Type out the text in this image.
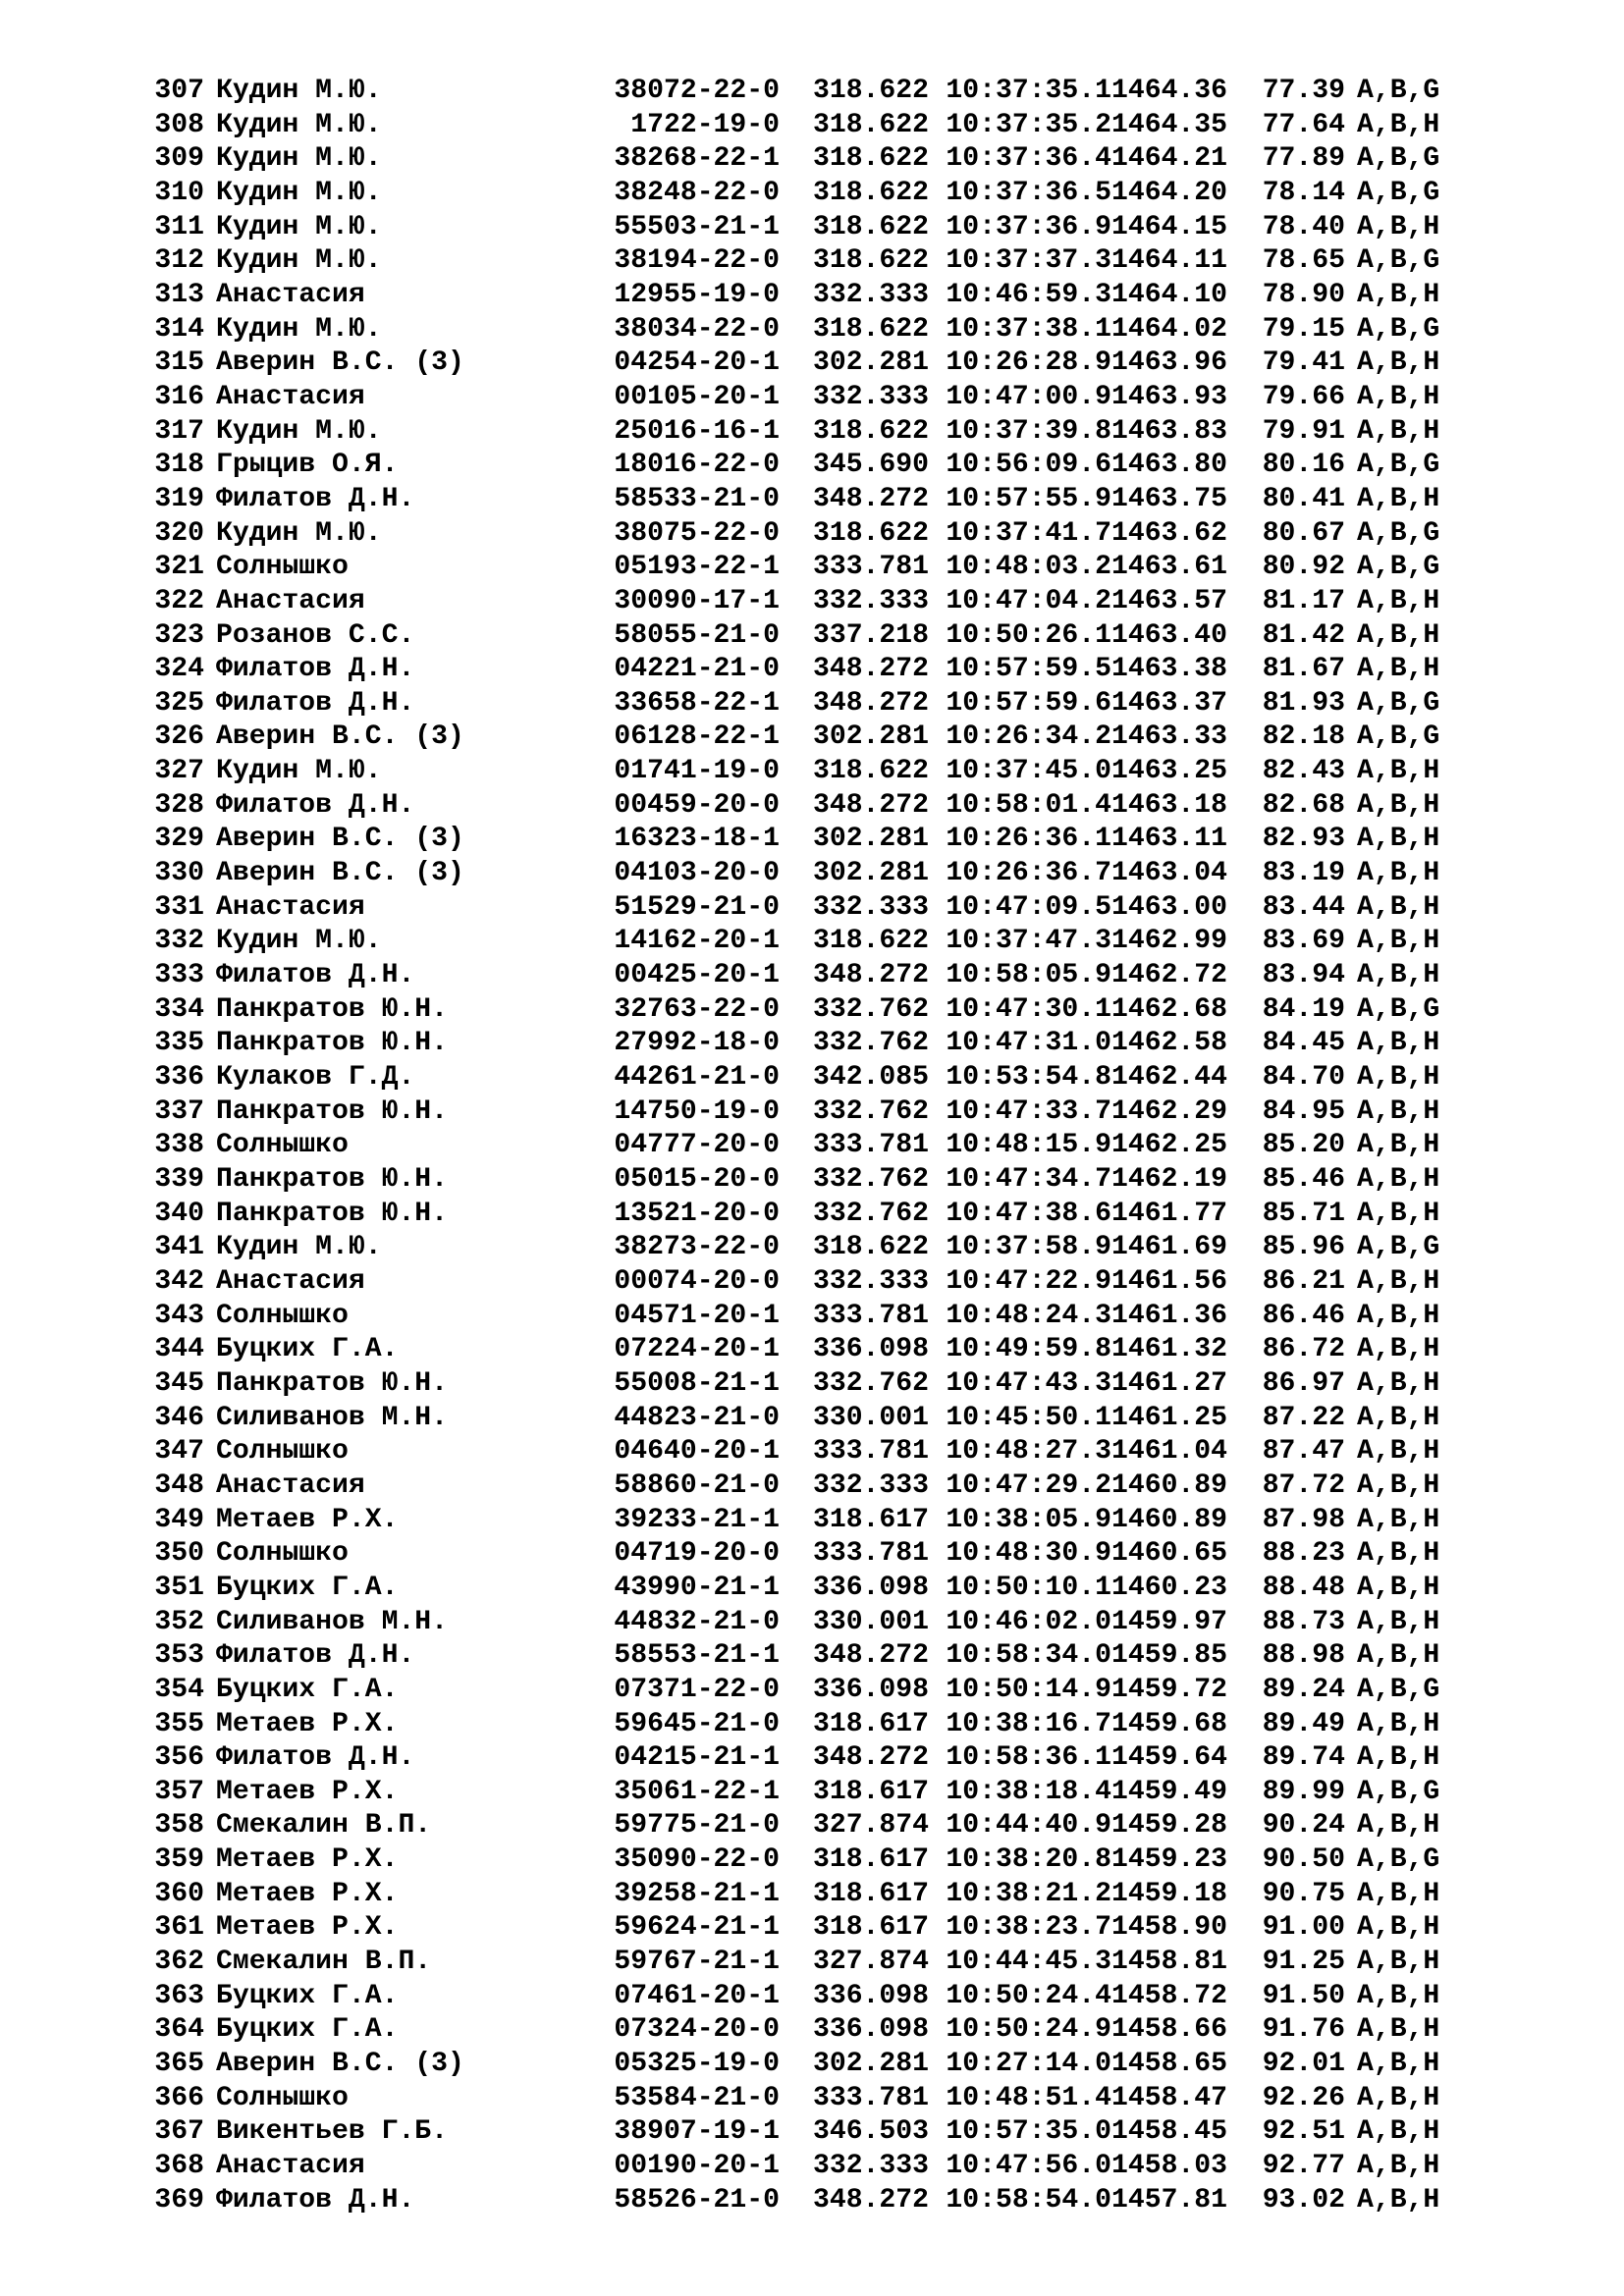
307 Кудин М.Ю.	38072-22-0 318.622 10:37:35.11464.36 77.39 A,B,G
308 Кудин М.Ю.	1722-19-0 318.622 10:37:35.21464.35 77.64 A,B,H
309 Кудин М.Ю.	38268-22-1 318.622 10:37:36.41464.21 77.89 A,B,G
310 Кудин М.Ю.	38248-22-0 318.622 10:37:36.51464.20 78.14 A,B,G
311 Кудин М.Ю.	55503-21-1 318.622 10:37:36.91464.15 78.40 A,B,H
312 Кудин М.Ю.	38194-22-0 318.622 10:37:37.31464.11 78.65 A,B,G
313 Анастасия	12955-19-0 332.333 10:46:59.31464.10 78.90 A,B,H
314 Кудин М.Ю.	38034-22-0 318.622 10:37:38.11464.02 79.15 A,B,G
315 Аверин В.С. (3)	04254-20-1 302.281 10:26:28.91463.96 79.41 A,B,H
316 Анастасия	00105-20-1 332.333 10:47:00.91463.93 79.66 A,B,H
317 Кудин М.Ю.	25016-16-1 318.622 10:37:39.81463.83 79.91 A,B,H
318 Грыцив О.Я.	18016-22-0 345.690 10:56:09.61463.80 80.16 A,B,G
319 Филатов Д.Н.	58533-21-0 348.272 10:57:55.91463.75 80.41 A,B,H
320 Кудин М.Ю.	38075-22-0 318.622 10:37:41.71463.62 80.67 A,B,G
321 Солнышко	05193-22-1 333.781 10:48:03.21463.61 80.92 A,B,G
322 Анастасия	30090-17-1 332.333 10:47:04.21463.57 81.17 A,B,H
323 Розанов С.С.	58055-21-0 337.218 10:50:26.11463.40 81.42 A,B,H
324 Филатов Д.Н.	04221-21-0 348.272 10:57:59.51463.38 81.67 A,B,H
325 Филатов Д.Н.	33658-22-1 348.272 10:57:59.61463.37 81.93 A,B,G
326 Аверин В.С. (3)	06128-22-1 302.281 10:26:34.21463.33 82.18 A,B,G
327 Кудин М.Ю.	01741-19-0 318.622 10:37:45.01463.25 82.43 A,B,H
328 Филатов Д.Н.	00459-20-0 348.272 10:58:01.41463.18 82.68 A,B,H
329 Аверин В.С. (3)	16323-18-1 302.281 10:26:36.11463.11 82.93 A,B,H
330 Аверин В.С. (3)	04103-20-0 302.281 10:26:36.71463.04 83.19 A,B,H
331 Анастасия	51529-21-0 332.333 10:47:09.51463.00 83.44 A,B,H
332 Кудин М.Ю.	14162-20-1 318.622 10:37:47.31462.99 83.69 A,B,H
333 Филатов Д.Н.	00425-20-1 348.272 10:58:05.91462.72 83.94 A,B,H
334 Панкратов Ю.Н.	32763-22-0 332.762 10:47:30.11462.68 84.19 A,B,G
335 Панкратов Ю.Н.	27992-18-0 332.762 10:47:31.01462.58 84.45 A,B,H
336 Кулаков Г.Д.	44261-21-0 342.085 10:53:54.81462.44 84.70 A,B,H
337 Панкратов Ю.Н.	14750-19-0 332.762 10:47:33.71462.29 84.95 A,B,H
338 Солнышко	04777-20-0 333.781 10:48:15.91462.25 85.20 A,B,H
339 Панкратов Ю.Н.	05015-20-0 332.762 10:47:34.71462.19 85.46 A,B,H
340 Панкратов Ю.Н.	13521-20-0 332.762 10:47:38.61461.77 85.71 A,B,H
341 Кудин М.Ю.	38273-22-0 318.622 10:37:58.91461.69 85.96 A,B,G
342 Анастасия	00074-20-0 332.333 10:47:22.91461.56 86.21 A,B,H
343 Солнышко	04571-20-1 333.781 10:48:24.31461.36 86.46 A,B,H
344 Буцких Г.А.	07224-20-1 336.098 10:49:59.81461.32 86.72 A,B,H
345 Панкратов Ю.Н.	55008-21-1 332.762 10:47:43.31461.27 86.97 A,B,H
346 Силиванов М.Н.	44823-21-0 330.001 10:45:50.11461.25 87.22 A,B,H
347 Солнышко	04640-20-1 333.781 10:48:27.31461.04 87.47 A,B,H
348 Анастасия	58860-21-0 332.333 10:47:29.21460.89 87.72 A,B,H
349 Метаев Р.Х.	39233-21-1 318.617 10:38:05.91460.89 87.98 A,B,H
350 Солнышко	04719-20-0 333.781 10:48:30.91460.65 88.23 A,B,H
351 Буцких Г.А.	43990-21-1 336.098 10:50:10.11460.23 88.48 A,B,H
352 Силиванов М.Н.	44832-21-0 330.001 10:46:02.01459.97 88.73 A,B,H
353 Филатов Д.Н.	58553-21-1 348.272 10:58:34.01459.85 88.98 A,B,H
354 Буцких Г.А.	07371-22-0 336.098 10:50:14.91459.72 89.24 A,B,G
355 Метаев Р.Х.	59645-21-0 318.617 10:38:16.71459.68 89.49 A,B,H
356 Филатов Д.Н.	04215-21-1 348.272 10:58:36.11459.64 89.74 A,B,H
357 Метаев Р.Х.	35061-22-1 318.617 10:38:18.41459.49 89.99 A,B,G
358 Смекалин В.П.	59775-21-0 327.874 10:44:40.91459.28 90.24 A,B,H
359 Метаев Р.Х.	35090-22-0 318.617 10:38:20.81459.23 90.50 A,B,G
360 Метаев Р.Х.	39258-21-1 318.617 10:38:21.21459.18 90.75 A,B,H
361 Метаев Р.Х.	59624-21-1 318.617 10:38:23.71458.90 91.00 A,B,H
362 Смекалин В.П.	59767-21-1 327.874 10:44:45.31458.81 91.25 A,B,H
363 Буцких Г.А.	07461-20-1 336.098 10:50:24.41458.72 91.50 A,B,H
364 Буцких Г.А.	07324-20-0 336.098 10:50:24.91458.66 91.76 A,B,H
365 Аверин В.С. (3)	05325-19-0 302.281 10:27:14.01458.65 92.01 A,B,H
366 Солнышко	53584-21-0 333.781 10:48:51.41458.47 92.26 A,B,H
367 Викентьев Г.Б.	38907-19-1 346.503 10:57:35.01458.45 92.51 A,B,H
368 Анастасия	00190-20-1 332.333 10:47:56.01458.03 92.77 A,B,H
369 Филатов Д.Н.	58526-21-0 348.272 10:58:54.01457.81 93.02 A,B,H
